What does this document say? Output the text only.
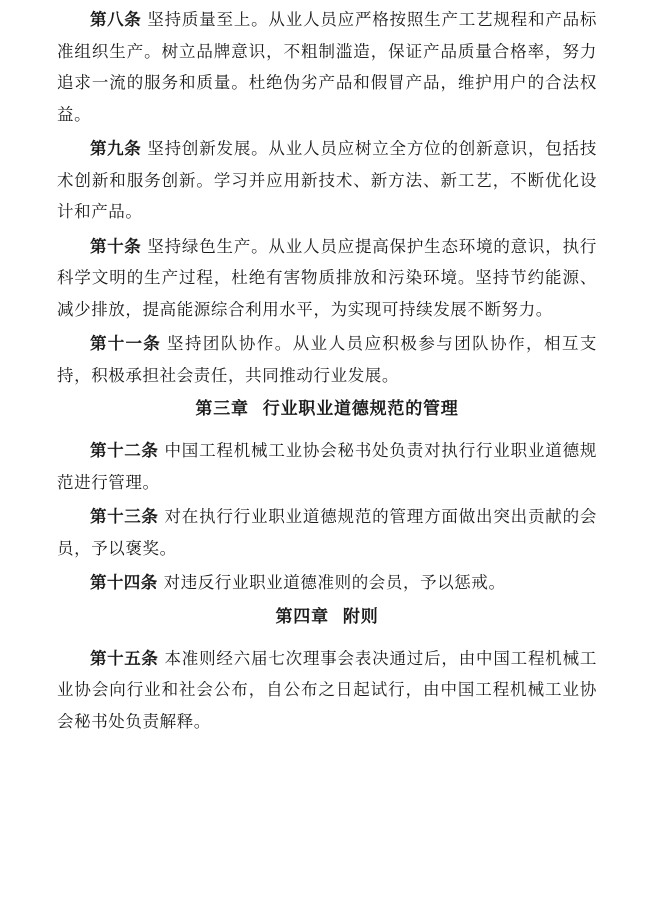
第八条 坚持质量至上。从业人员应严格按照生产工艺规程和产品标准组织生产。树立品牌意识，不粗制滥造，保证产品质量合格率，努力追求一流的服务和质量。杜绝伪劣产品和假冒产品，维护用户的合法权益。

第九条 坚持创新发展。从业人员应树立全方位的创新意识，包括技术创新和服务创新。学习并应用新技术、新方法、新工艺，不断优化设计和产品。

第十条 坚持绿色生产。从业人员应提高保护生态环境的意识，执行科学文明的生产过程，杜绝有害物质排放和污染环境。坚持节约能源、减少排放，提高能源综合利用水平，为实现可持续发展不断努力。

第十一条 坚持团队协作。从业人员应积极参与团队协作，相互支持，积极承担社会责任，共同推动行业发展。

第三章 行业职业道德规范的管理

第十二条 中国工程机械工业协会秘书处负责对执行行业职业道德规范进行管理。

第十三条 对在执行行业职业道德规范的管理方面做出突出贡献的会员，予以褒奖。

第十四条 对违反行业职业道德准则的会员，予以惩戒。

第四章 附则

第十五条 本准则经六届七次理事会表决通过后，由中国工程机械工业协会向行业和社会公布，自公布之日起试行，由中国工程机械工业协会秘书处负责解释。
